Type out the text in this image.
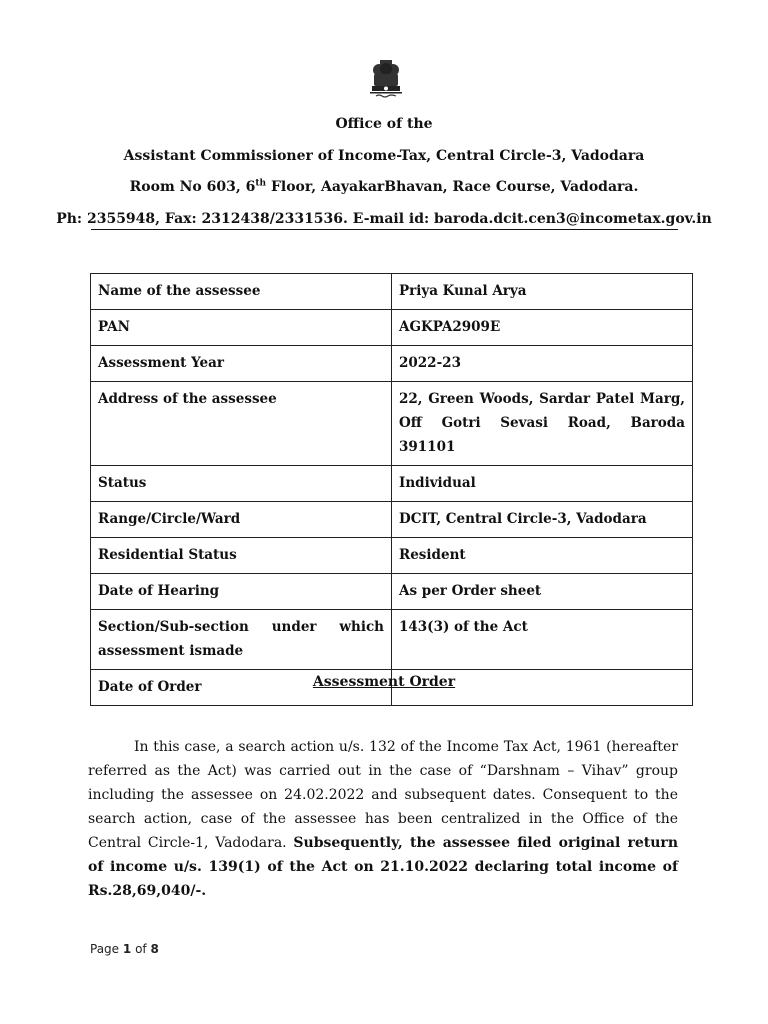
Office of the
Assistant Commissioner of Income-Tax, Central Circle-3, Vadodara
Room No 603, 6th Floor, AayakarBhavan, Race Course, Vadodara.
Ph: 2355948, Fax: 2312438/2331536. E-mail id: baroda.dcit.cen3@incometax.gov.in
Name of the assessee	Priya Kunal Arya
PAN	AGKPA2909E
Assessment Year	2022-23
Address of the assessee	22, Green Woods, Sardar Patel Marg, Off Gotri Sevasi Road, Baroda 391101
Status	Individual
Range/Circle/Ward	DCIT, Central Circle-3, Vadodara
Residential Status	Resident
Date of Hearing	As per Order sheet
Section/Sub-section under which assessment ismade	143(3) of the Act
Date of Order		Assessment Order
In this case, a search action u/s. 132 of the Income Tax Act, 1961 (hereafter referred as the Act) was carried out in the case of “Darshnam – Vihav” group including the assessee on 24.02.2022 and subsequent dates. Consequent to the search action, case of the assessee has been centralized in the Office of the Central Circle-1, Vadodara. Subsequently, the assessee filed original return of income u/s. 139(1) of the Act on 21.10.2022 declaring total income of Rs.28,69,040/-.
Page 1 of 8
